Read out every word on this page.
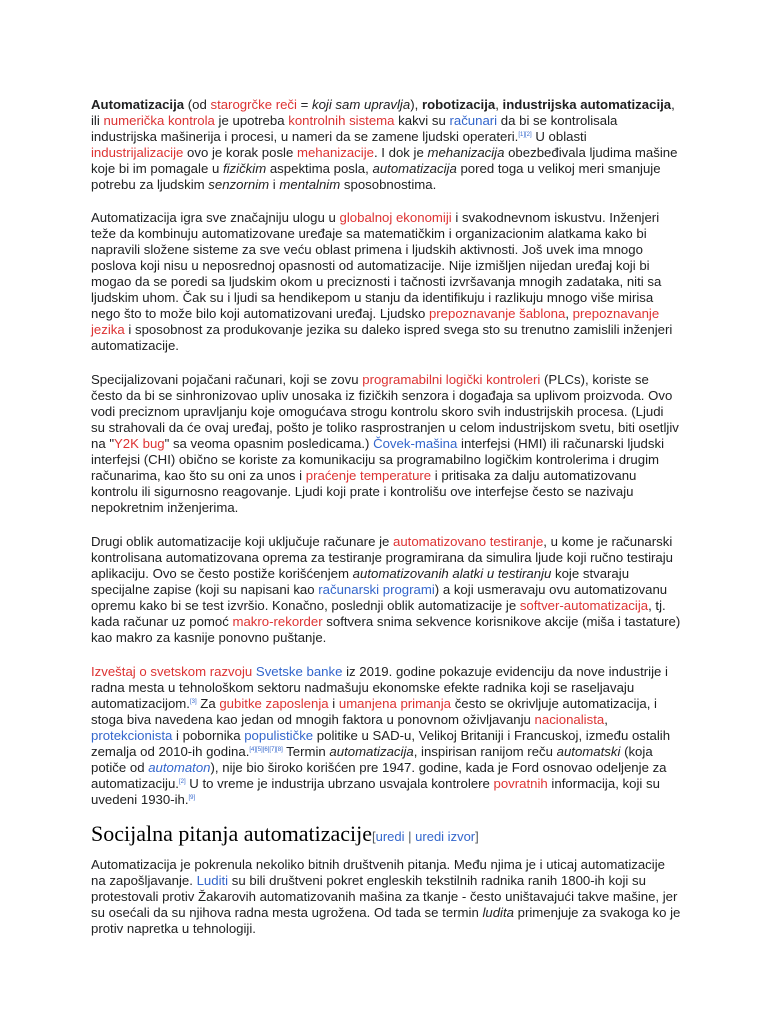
Automatizacija (od starogrčke reči = koji sam upravlja), robotizacija, industrijska automatizacija, ili numerička kontrola je upotreba kontrolnih sistema kakvi su računari da bi se kontrolisala industrijska mašinerija i procesi, u nameri da se zamene ljudski operateri.[1][2] U oblasti industrijalizacije ovo je korak posle mehanizacije. I dok je mehanizacija obezbeđivala ljudima mašine koje bi im pomagale u fizičkim aspektima posla, automatizacija pored toga u velikoj meri smanjuje potrebu za ljudskim senzornim i mentalnim sposobnostima.

Automatizacija igra sve značajniju ulogu u globalnoj ekonomiji i svakodnevnom iskustvu. Inženjeri teže da kombinuju automatizovane uređaje sa matematičkim i organizacionim alatkama kako bi napravili složene sisteme za sve veću oblast primena i ljudskih aktivnosti. Još uvek ima mnogo poslova koji nisu u neposrednoj opasnosti od automatizacije. Nije izmišljen nijedan uređaj koji bi mogao da se poredi sa ljudskim okom u preciznosti i tačnosti izvršavanja mnogih zadataka, niti sa ljudskim uhom. Čak su i ljudi sa hendikepom u stanju da identifikuju i razlikuju mnogo više mirisa nego što to može bilo koji automatizovani uređaj. Ljudsko prepoznavanje šablona, prepoznavanje jezika i sposobnost za produkovanje jezika su daleko ispred svega sto su trenutno zamislili inženjeri automatizacije.

Specijalizovani pojačani računari, koji se zovu programabilni logički kontroleri (PLCs), koriste se često da bi se sinhronizovao upliv unosaka iz fizičkih senzora i događaja sa uplivom proizvoda. Ovo vodi preciznom upravljanju koje omogućava strogu kontrolu skoro svih industrijskih procesa. (Ljudi su strahovali da će ovaj uređaj, pošto je toliko rasprostranjen u celom industrijskom svetu, biti osetljiv na "Y2K bug" sa veoma opasnim posledicama.) Čovek-mašina interfejsi (HMI) ili računarski ljudski interfejsi (CHI) obično se koriste za komunikaciju sa programabilno logičkim kontrolerima i drugim računarima, kao što su oni za unos i praćenje temperature i pritisaka za dalju automatizovanu kontrolu ili sigurnosno reagovanje. Ljudi koji prate i kontrolišu ove interfejse često se nazivaju nepokretnim inženjerima.

Drugi oblik automatizacije koji uključuje računare je automatizovano testiranje, u kome je računarski kontrolisana automatizovana oprema za testiranje programirana da simulira ljude koji ručno testiraju aplikaciju. Ovo se često postiže korišćenjem automatizovanih alatki u testiranju koje stvaraju specijalne zapise (koji su napisani kao računarski programi) a koji usmeravaju ovu automatizovanu opremu kako bi se test izvršio. Konačno, poslednji oblik automatizacije je softver-automatizacija, tj. kada računar uz pomoć makro-rekorder softvera snima sekvence korisnikove akcije (miša i tastature) kao makro za kasnije ponovno puštanje.

Izveštaj o svetskom razvoju Svetske banke iz 2019. godine pokazuje evidenciju da nove industrije i radna mesta u tehnološkom sektoru nadmašuju ekonomske efekte radnika koji se raseljavaju automatizacijom.[3] Za gubitke zaposlenja i umanjena primanja često se okrivljuje automatizacija, i stoga biva navedena kao jedan od mnogih faktora u ponovnom oživljavanju nacionalista, protekcionista i pobornika populističke politike u SAD-u, Velikoj Britaniji i Francuskoj, između ostalih zemalja od 2010-ih godina.[4][5][6][7][8] Termin automatizacija, inspirisan ranijom reču automatski (koja potiče od automaton), nije bio široko korišćen pre 1947. godine, kada je Ford osnovao odeljenje za automatizaciju.[2] U to vreme je industrija ubrzano usvajala kontrolere povratnih informacija, koji su uvedeni 1930-ih.[9]

Socijalna pitanja automatizacije[uredi | uredi izvor]

Automatizacija je pokrenula nekoliko bitnih društvenih pitanja. Među njima je i uticaj automatizacije na zapošljavanje. Luditi su bili društveni pokret engleskih tekstilnih radnika ranih 1800-ih koji su protestovali protiv Žakarovih automatizovanih mašina za tkanje - često uništavajući takve mašine, jer su osećali da su njihova radna mesta ugrožena. Od tada se termin ludita primenjuje za svakoga ko je protiv napretka u tehnologiji.
